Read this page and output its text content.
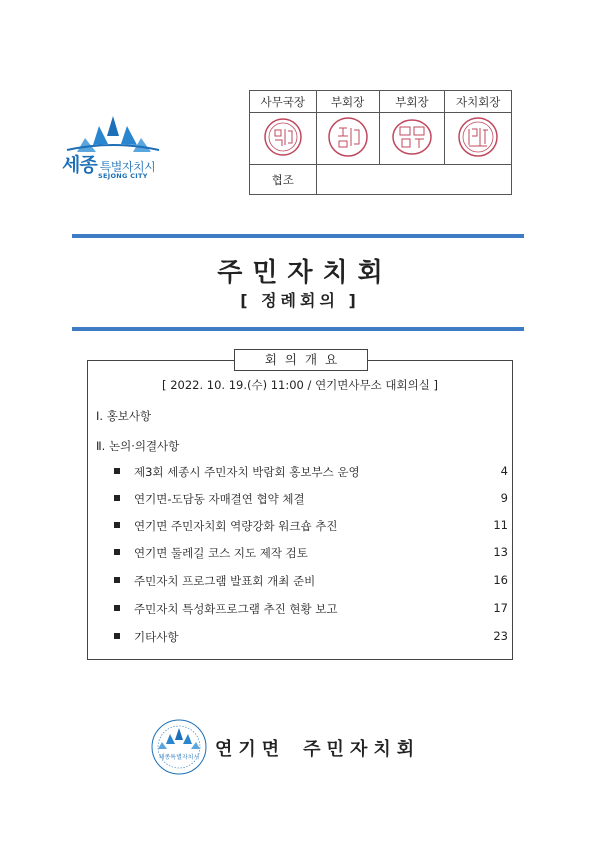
세종 특별자치시
SEJONG CITY
사무국장	부회장	부회장	자치회장

협조			
주민자치회
[ 정례회의 ]
회의개요
[ 2022. 10. 19.(수) 11:00 / 연기면사무소 대회의실 ]
Ⅰ. 홍보사항
Ⅱ. 논의·의결사항
제3회 세종시 주민자치 박람회 홍보부스 운영	4
연기면-도담동 자매결연 협약 체결	9
연기면 주민자치회 역량강화 워크숍 추진	11
연기면 둘레길 코스 지도 제작 검토	13
주민자치 프로그램 발표회 개최 준비	16
주민자치 특성화프로그램 추진 현황 보고	17
기타사항	23
세종특별자치시 연기면 주민자치회
